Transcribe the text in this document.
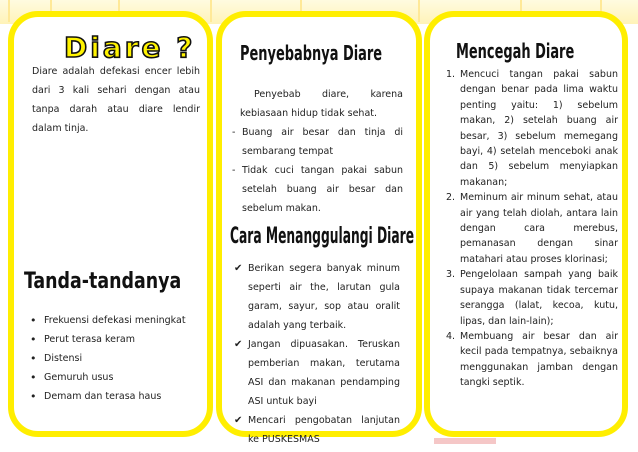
Diare ?
Diare adalah defekasi encer lebih dari 3 kali sehari dengan atau tanpa darah atau diare lendir dalam tinja.
Tanda-tandanya
• Frekuensi defekasi meningkat
• Perut terasa keram
• Distensi
• Gemuruh usus
• Demam dan terasa haus
Penyebabnya Diare
Penyebab diare, karena kebiasaan hidup tidak sehat.
- Buang air besar dan tinja di sembarang tempat
- Tidak cuci tangan pakai sabun setelah buang air besar dan sebelum makan.
Cara Menanggulangi Diare
✔ Berikan segera banyak minum seperti air the, larutan gula garam, sayur, sop atau oralit adalah yang terbaik.
✔ Jangan dipuasakan. Teruskan pemberian makan, terutama ASI dan makanan pendamping ASI untuk bayi
✔ Mencari pengobatan lanjutan ke PUSKESMAS
Mencegah Diare
1. Mencuci tangan pakai sabun dengan benar pada lima waktu penting yaitu: 1) sebelum makan, 2) setelah buang air besar, 3) sebelum memegang bayi, 4) setelah menceboki anak dan 5) sebelum menyiapkan makanan;
2. Meminum air minum sehat, atau air yang telah diolah, antara lain dengan cara merebus, pemanasan dengan sinar matahari atau proses klorinasi;
3. Pengelolaan sampah yang baik supaya makanan tidak tercemar serangga (lalat, kecoa, kutu, lipas, dan lain-lain);
4. Membuang air besar dan air kecil pada tempatnya, sebaiknya menggunakan jamban dengan tangki septik.
